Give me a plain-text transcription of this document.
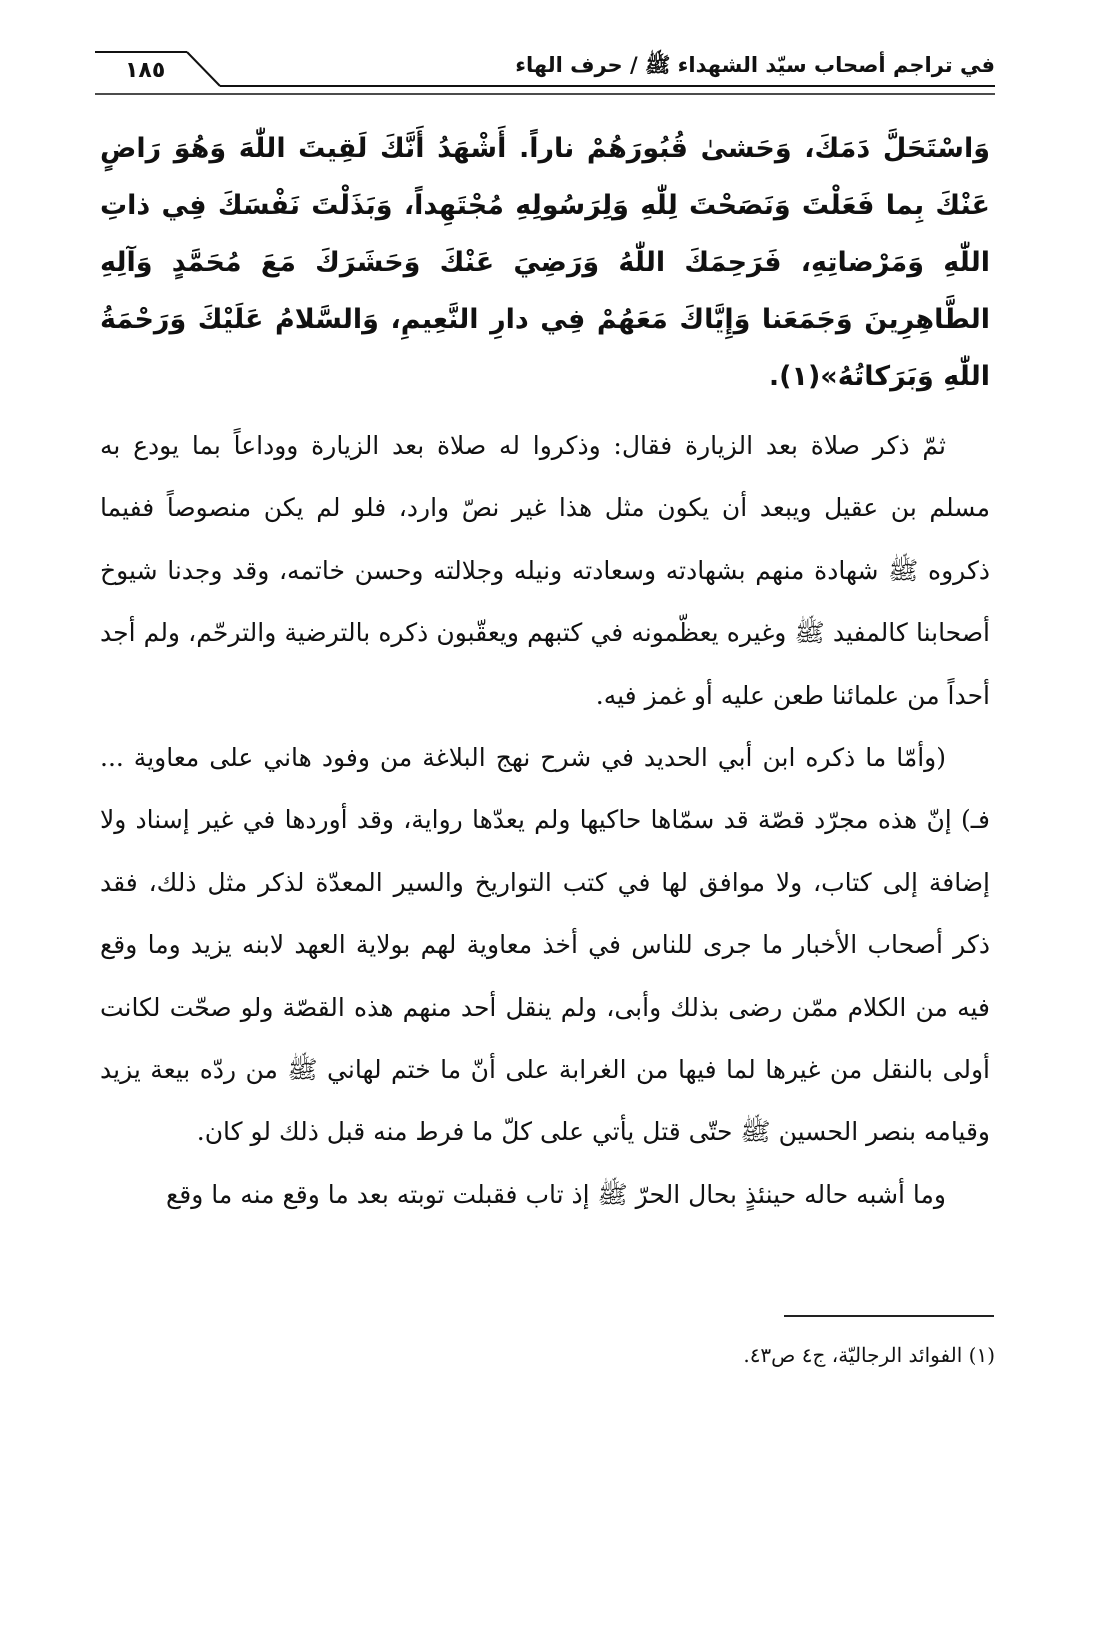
في تراجم أصحاب سيّد الشهداء ﷺ / حرف الهاء
١٨٥

وَاسْتَحَلَّ دَمَكَ، وَحَشىٰ قُبُورَهُمْ ناراً. أَشْهَدُ أَنَّكَ لَقِيتَ اللّٰهَ وَهُوَ رَاضٍ عَنْكَ بِما فَعَلْتَ وَنَصَحْتَ لِلّٰهِ وَلِرَسُولِهِ مُجْتَهِداً، وَبَذَلْتَ نَفْسَكَ فِي ذاتِ اللّٰهِ وَمَرْضاتِهِ، فَرَحِمَكَ اللّٰهُ وَرَضِيَ عَنْكَ وَحَشَرَكَ مَعَ مُحَمَّدٍ وَآلِهِ الطَّاهِرِينَ وَجَمَعَنا وَإِيَّاكَ مَعَهُمْ فِي دارِ النَّعِيمِ، وَالسَّلامُ عَلَيْكَ وَرَحْمَةُ اللّٰهِ وَبَرَكاتُهُ»(١).

ثمّ ذكر صلاة بعد الزيارة فقال: وذكروا له صلاة بعد الزيارة ووداعاً بما يودع به مسلم بن عقيل ويبعد أن يكون مثل هذا غير نصّ وارد، فلو لم يكن منصوصاً ففيما ذكروه ﷺ شهادة منهم بشهادته وسعادته ونيله وجلالته وحسن خاتمه، وقد وجدنا شيوخ أصحابنا كالمفيد ﷺ وغيره يعظّمونه في كتبهم ويعقّبون ذكره بالترضية والترحّم، ولم أجد أحداً من علمائنا طعن عليه أو غمز فيه.

(وأمّا ما ذكره ابن أبي الحديد في شرح نهج البلاغة من وفود هاني على معاوية ... فـ) إنّ هذه مجرّد قصّة قد سمّاها حاكيها ولم يعدّها رواية، وقد أوردها في غير إسناد ولا إضافة إلى كتاب، ولا موافق لها في كتب التواريخ والسير المعدّة لذكر مثل ذلك، فقد ذكر أصحاب الأخبار ما جرى للناس في أخذ معاوية لهم بولاية العهد لابنه يزيد وما وقع فيه من الكلام ممّن رضى بذلك وأبى، ولم ينقل أحد منهم هذه القصّة ولو صحّت لكانت أولى بالنقل من غيرها لما فيها من الغرابة على أنّ ما ختم لهاني ﷺ من ردّه بيعة يزيد وقيامه بنصر الحسين ﷺ حتّى قتل يأتي على كلّ ما فرط منه قبل ذلك لو كان.

وما أشبه حاله حينئذٍ بحال الحرّ ﷺ إذ تاب فقبلت توبته بعد ما وقع منه ما وقع

(١) الفوائد الرجاليّة، ج٤ ص٤٣.
